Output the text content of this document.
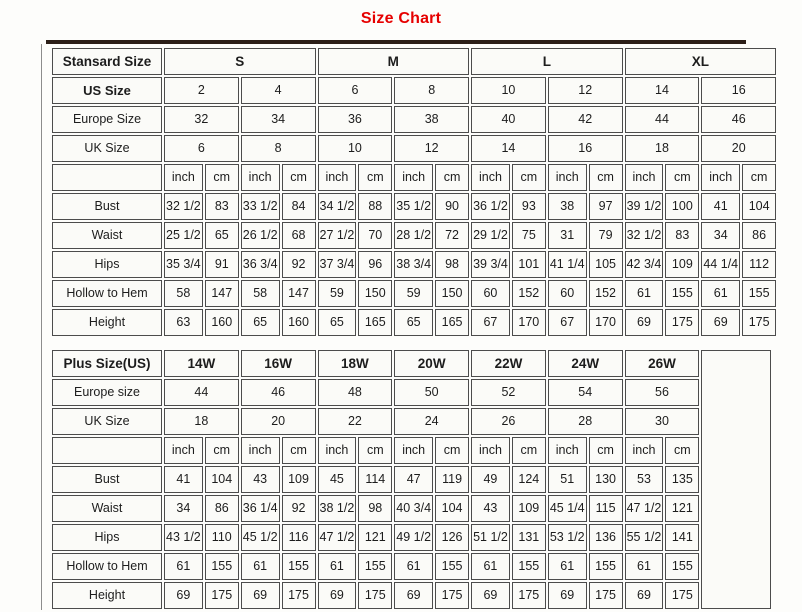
Size Chart
Stansard Size	S				M				L				XL			
US Size	2		4		6		8		10		12		14		16	
Europe Size	32		34		36		38		40		42		44		46	
UK Size	6		8		10		12		14		16		18		20	
	inch	cm	inch	cm	inch	cm	inch	cm	inch	cm	inch	cm	inch	cm	inch	cm
Bust	32 1/2	83	33 1/2	84	34 1/2	88	35 1/2	90	36 1/2	93	38	97	39 1/2	100	41	104
Waist	25 1/2	65	26 1/2	68	27 1/2	70	28 1/2	72	29 1/2	75	31	79	32 1/2	83	34	86
Hips	35 3/4	91	36 3/4	92	37 3/4	96	38 3/4	98	39 3/4	101	41 1/4	105	42 3/4	109	44 1/4	112
Hollow to Hem	58	147	58	147	59	150	59	150	60	152	60	152	61	155	61	155
Height	63	160	65	160	65	165	65	165	67	170	67	170	69	175	69	175
Plus Size(US)	14W		16W		18W		20W		22W		24W		26W		
Europe size	44		46		48		50		52		54		56		
UK Size	18		20		22		24		26		28		30		
	inch	cm	inch	cm	inch	cm	inch	cm	inch	cm	inch	cm	inch	cm	
Bust	41	104	43	109	45	114	47	119	49	124	51	130	53	135	
Waist	34	86	36 1/4	92	38 1/2	98	40 3/4	104	43	109	45 1/4	115	47 1/2	121	
Hips	43 1/2	110	45 1/2	116	47 1/2	121	49 1/2	126	51 1/2	131	53 1/2	136	55 1/2	141	
Hollow to Hem	61	155	61	155	61	155	61	155	61	155	61	155	61	155	
Height	69	175	69	175	69	175	69	175	69	175	69	175	69	175	
